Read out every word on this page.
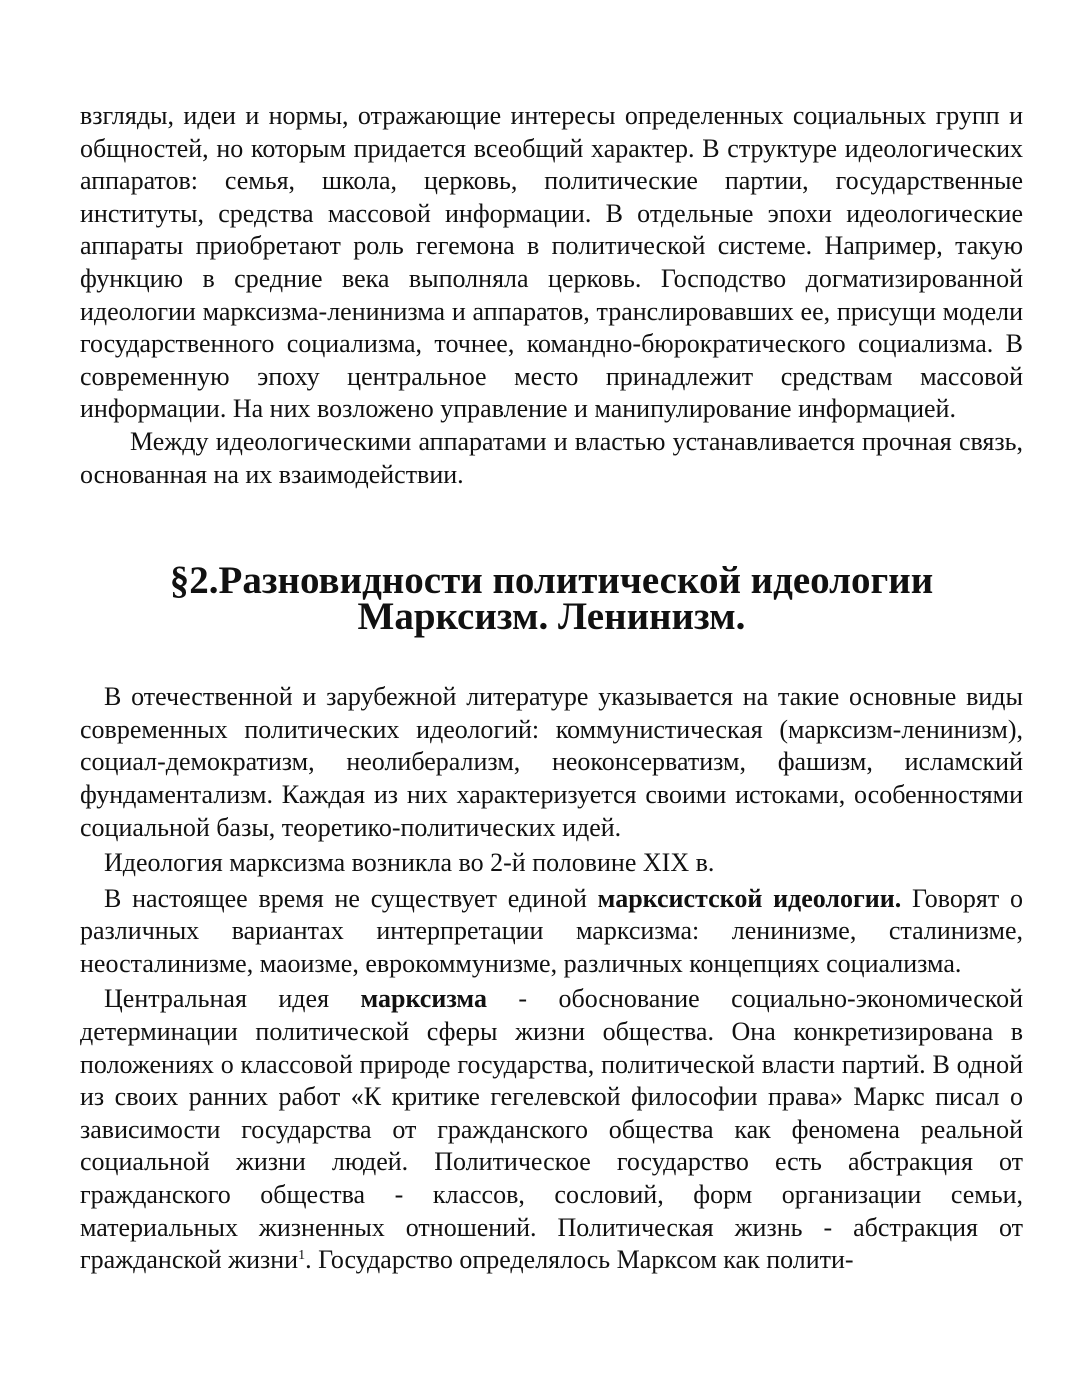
взгляды, идеи и нормы, отражающие интересы определенных социальных групп и общностей, но которым придается всеобщий характер. В структуре идеологических аппаратов: семья, школа, церковь, политические партии, государственные институты, средства массовой информации. В отдельные эпохи идеологические аппараты приобретают роль гегемона в политической системе. Например, такую функцию в средние века выполняла церковь. Господство догматизированной идеологии марксизма-ленинизма и аппаратов, транслировавших ее, присущи модели государственного социализма, точнее, командно-бюрократического социализма. В современную эпоху центральное место принадлежит средствам массовой информации. На них возложено управление и манипулирование информацией.

Между идеологическими аппаратами и властью устанавливается прочная связь, основанная на их взаимодействии.

§2.Разновидности политической идеологии
Марксизм. Ленинизм.

В отечественной и зарубежной литературе указывается на такие основные виды современных политических идеологий: коммунистическая (марксизм-ленинизм), социал-демократизм, неолиберализм, неоконсерватизм, фашизм, исламский фундаментализм. Каждая из них характеризуется своими истоками, особенностями социальной базы, теоретико-политических идей.

Идеология марксизма возникла во 2-й половине XIX в.

В настоящее время не существует единой марксистской идеологии. Говорят о различных вариантах интерпретации марксизма: ленинизме, сталинизме, неосталинизме, маоизме, еврокоммунизме, различных концепциях социализма.

Центральная идея марксизма - обоснование социально-экономической детерминации политической сферы жизни общества. Она конкретизирована в положениях о классовой природе государства, политической власти партий. В одной из своих ранних работ «К критике гегелевской философии права» Маркс писал о зависимости государства от гражданского общества как феномена реальной социальной жизни людей. Политическое государство есть абстракция от гражданского общества - классов, сословий, форм организации семьи, материальных жизненных отношений. Политическая жизнь - абстракция от гражданской жизни$^1$. Государство определялось Марксом как полити-
